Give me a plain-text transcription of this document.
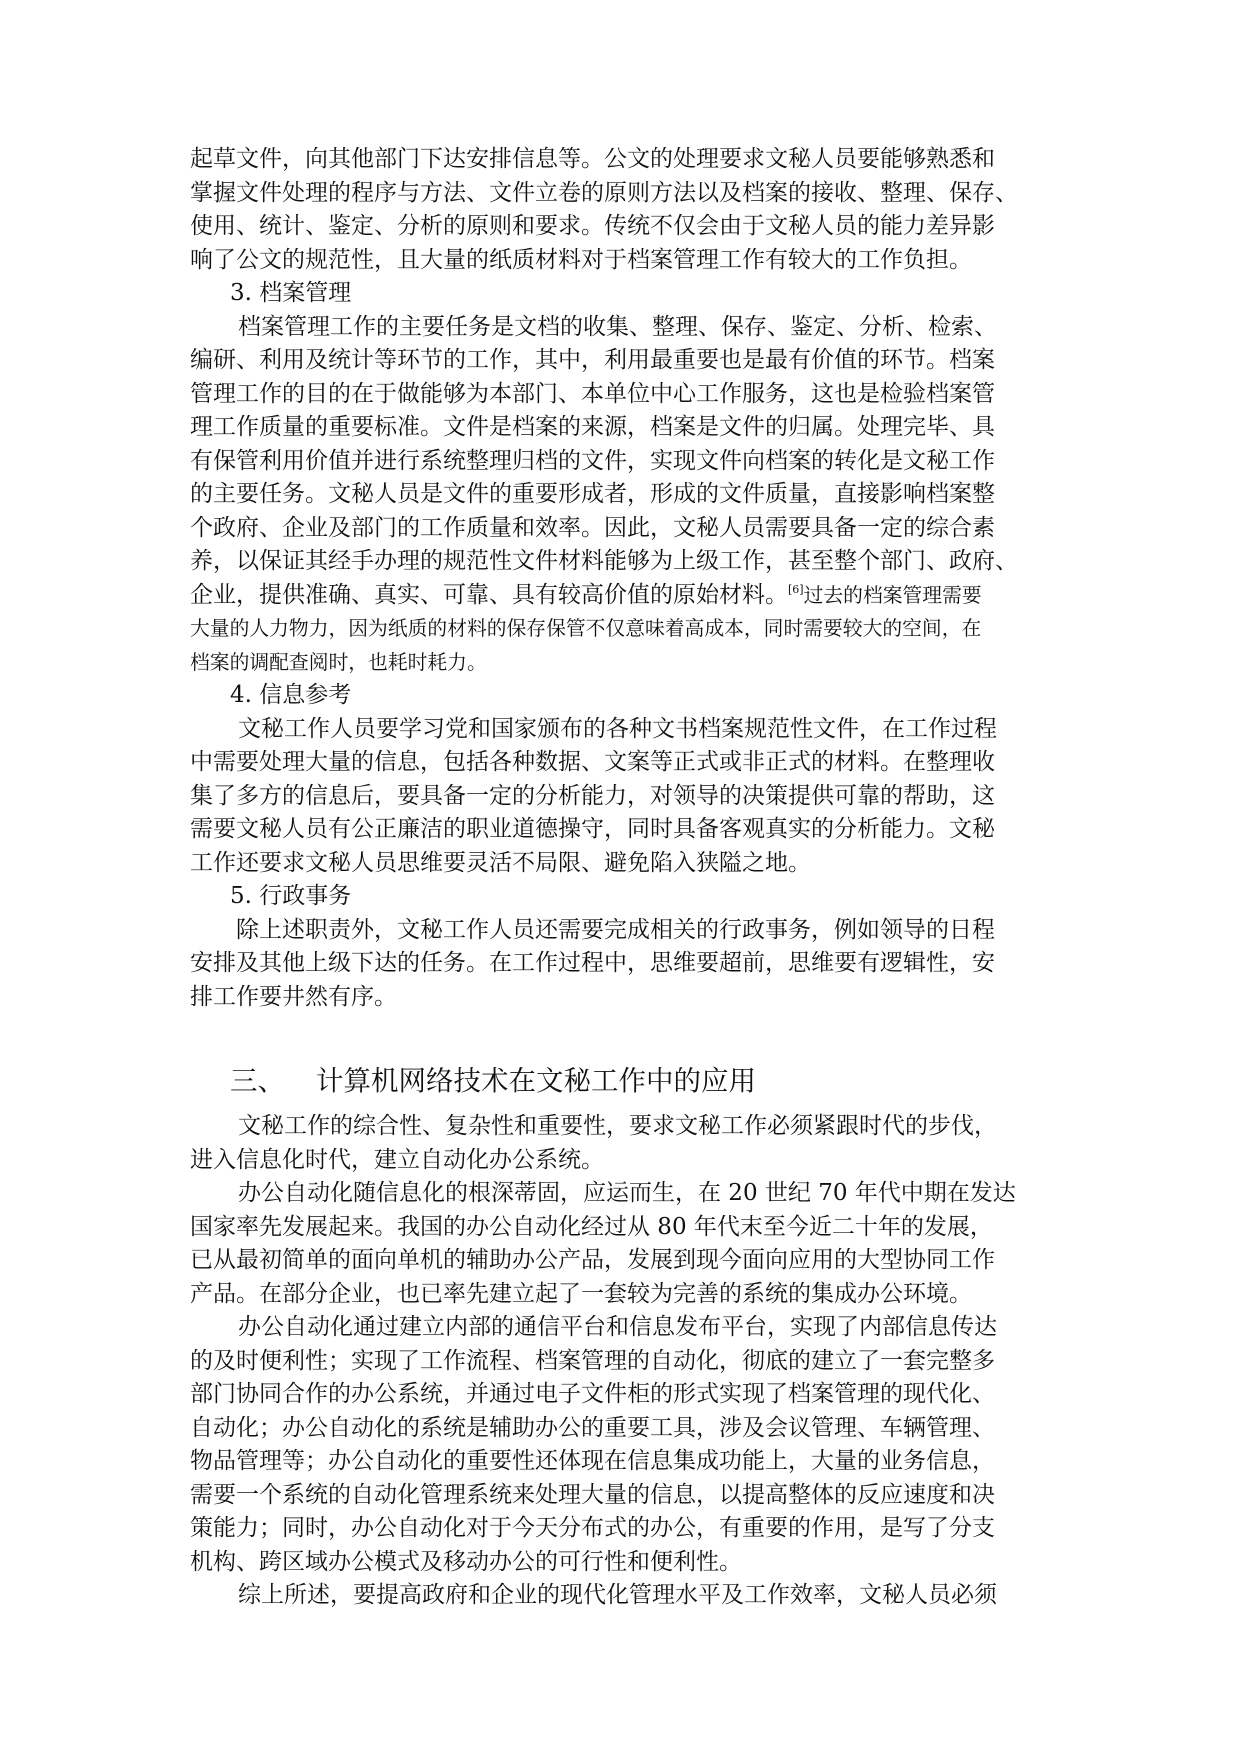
起草文件，向其他部门下达安排信息等。公文的处理要求文秘人员要能够熟悉和

掌握文件处理的程序与方法、文件立卷的原则方法以及档案的接收、整理、保存、

使用、统计、鉴定、分析的原则和要求。传统不仅会由于文秘人员的能力差异影

响了公文的规范性，且大量的纸质材料对于档案管理工作有较大的工作负担。

3. 档案管理

档案管理工作的主要任务是文档的收集、整理、保存、鉴定、分析、检索、

编研、利用及统计等环节的工作，其中，利用最重要也是最有价值的环节。档案

管理工作的目的在于做能够为本部门、本单位中心工作服务，这也是检验档案管

理工作质量的重要标准。文件是档案的来源，档案是文件的归属。处理完毕、具

有保管利用价值并进行系统整理归档的文件，实现文件向档案的转化是文秘工作

的主要任务。文秘人员是文件的重要形成者，形成的文件质量，直接影响档案整

个政府、企业及部门的工作质量和效率。因此，文秘人员需要具备一定的综合素

养，以保证其经手办理的规范性文件材料能够为上级工作，甚至整个部门、政府、

企业，提供准确、真实、可靠、具有较高价值的原始材料。[6]过去的档案管理需要

大量的人力物力，因为纸质的材料的保存保管不仅意味着高成本，同时需要较大的空间，在

档案的调配查阅时，也耗时耗力。

4. 信息参考

文秘工作人员要学习党和国家颁布的各种文书档案规范性文件，在工作过程

中需要处理大量的信息，包括各种数据、文案等正式或非正式的材料。在整理收

集了多方的信息后，要具备一定的分析能力，对领导的决策提供可靠的帮助，这

需要文秘人员有公正廉洁的职业道德操守，同时具备客观真实的分析能力。文秘

工作还要求文秘人员思维要灵活不局限、避免陷入狭隘之地。

5. 行政事务

除上述职责外，文秘工作人员还需要完成相关的行政事务，例如领导的日程

安排及其他上级下达的任务。在工作过程中，思维要超前，思维要有逻辑性，安

排工作要井然有序。

三、 计算机网络技术在文秘工作中的应用

文秘工作的综合性、复杂性和重要性，要求文秘工作必须紧跟时代的步伐，

进入信息化时代，建立自动化办公系统。

办公自动化随信息化的根深蒂固，应运而生，在 20 世纪 70 年代中期在发达

国家率先发展起来。我国的办公自动化经过从 80 年代末至今近二十年的发展，

已从最初简单的面向单机的辅助办公产品，发展到现今面向应用的大型协同工作

产品。在部分企业，也已率先建立起了一套较为完善的系统的集成办公环境。

办公自动化通过建立内部的通信平台和信息发布平台，实现了内部信息传达

的及时便利性；实现了工作流程、档案管理的自动化，彻底的建立了一套完整多

部门协同合作的办公系统，并通过电子文件柜的形式实现了档案管理的现代化、

自动化；办公自动化的系统是辅助办公的重要工具，涉及会议管理、车辆管理、

物品管理等；办公自动化的重要性还体现在信息集成功能上，大量的业务信息，

需要一个系统的自动化管理系统来处理大量的信息，以提高整体的反应速度和决

策能力；同时，办公自动化对于今天分布式的办公，有重要的作用，是写了分支

机构、跨区域办公模式及移动办公的可行性和便利性。

综上所述，要提高政府和企业的现代化管理水平及工作效率，文秘人员必须
